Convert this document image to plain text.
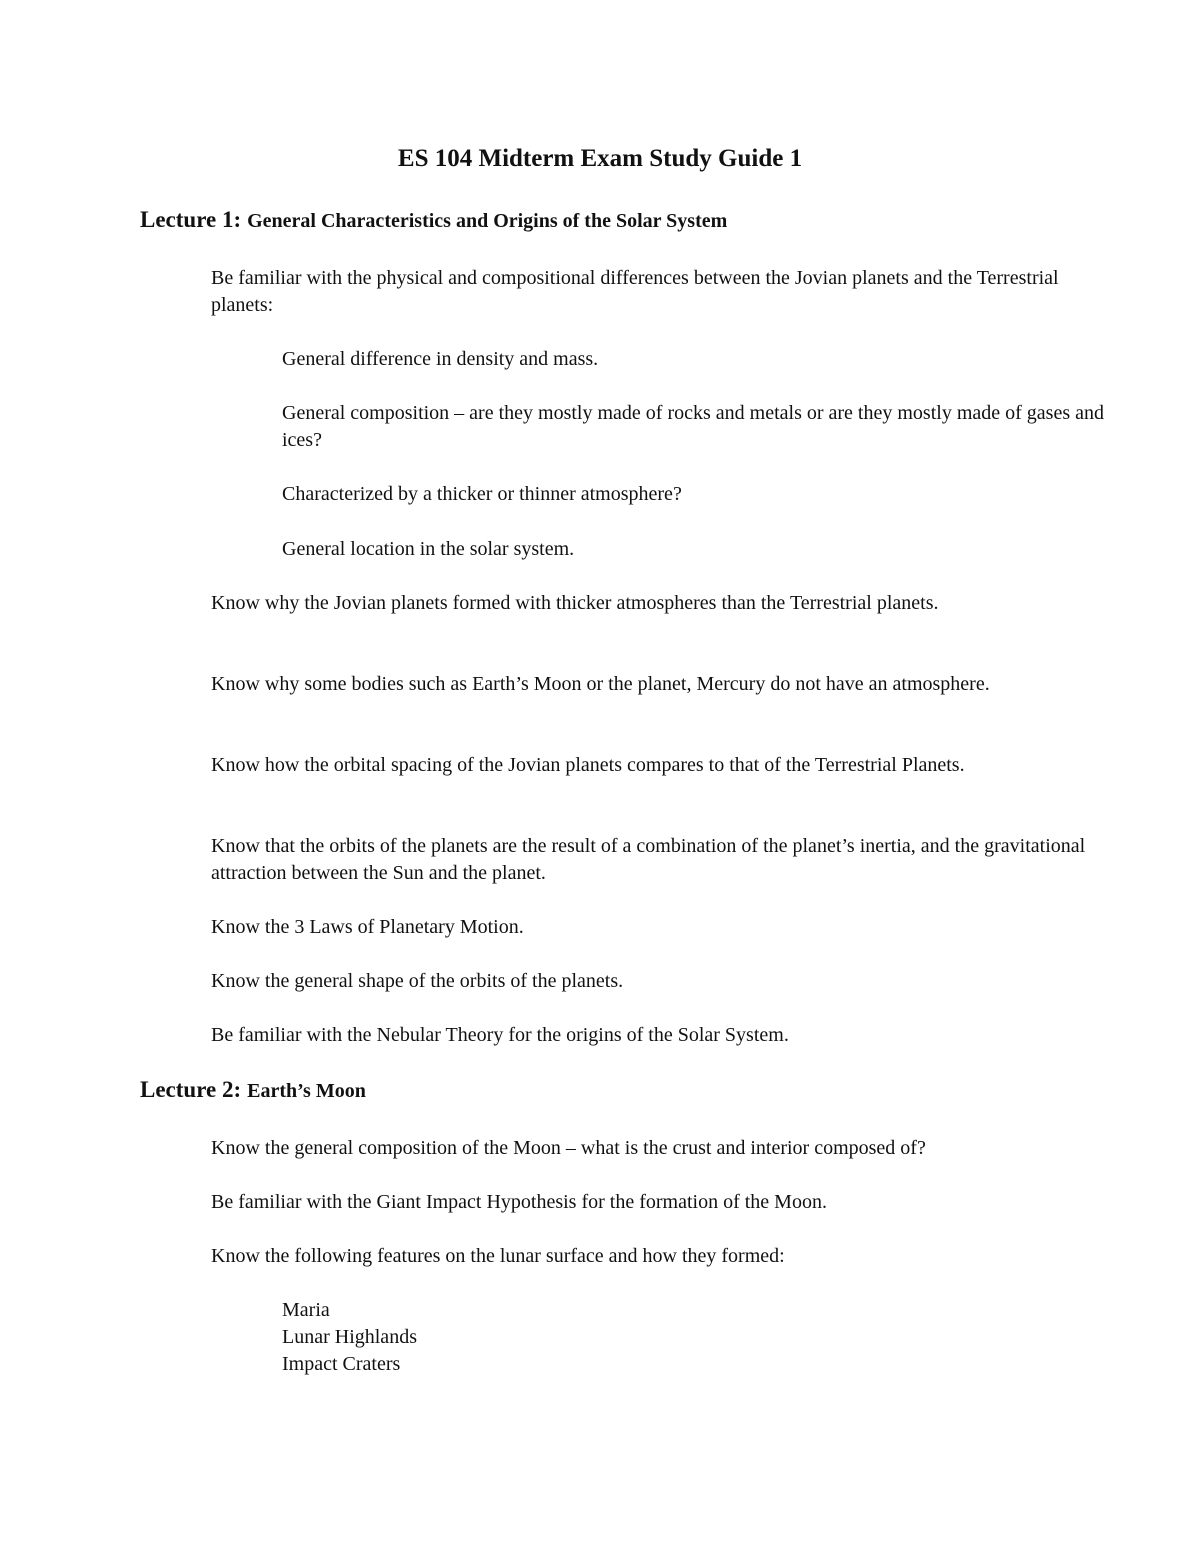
ES 104 Midterm Exam Study Guide 1
Lecture 1: General Characteristics and Origins of the Solar System

Be familiar with the physical and compositional differences between the Jovian planets and the Terrestrial planets:

General difference in density and mass.

General composition – are they mostly made of rocks and metals or are they mostly made of gases and ices?

Characterized by a thicker or thinner atmosphere?

General location in the solar system.

Know why the Jovian planets formed with thicker atmospheres than the Terrestrial planets.

Know why some bodies such as Earth’s Moon or the planet, Mercury do not have an atmosphere.

Know how the orbital spacing of the Jovian planets compares to that of the Terrestrial Planets.

Know that the orbits of the planets are the result of a combination of the planet’s inertia, and the gravitational attraction between the Sun and the planet.

Know the 3 Laws of Planetary Motion.

Know the general shape of the orbits of the planets.

Be familiar with the Nebular Theory for the origins of the Solar System.

Lecture 2: Earth’s Moon

Know the general composition of the Moon – what is the crust and interior composed of?

Be familiar with the Giant Impact Hypothesis for the formation of the Moon.

Know the following features on the lunar surface and how they formed:

Maria
Lunar Highlands
Impact Craters
